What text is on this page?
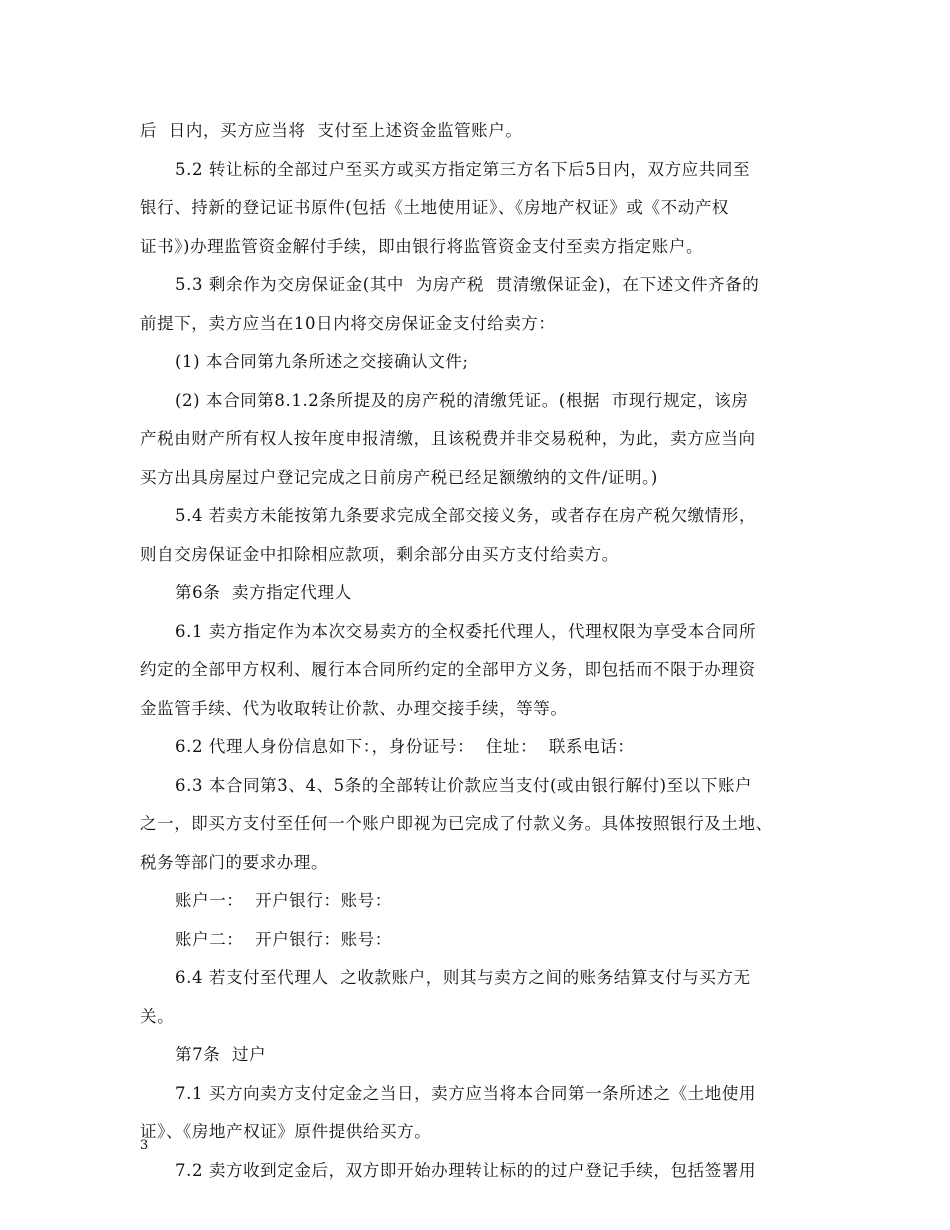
后  日内，买方应当将  支付至上述资金监管账户。
5.2 转让标的全部过户至买方或买方指定第三方名下后5日内，双方应共同至
银行、持新的登记证书原件(包括《土地使用证》、《房地产权证》或《不动产权
证书》)办理监管资金解付手续，即由银行将监管资金支付至卖方指定账户。
5.3 剩余作为交房保证金(其中  为房产税  贯清缴保证金)，在下述文件齐备的
前提下，卖方应当在10日内将交房保证金支付给卖方：
(1) 本合同第九条所述之交接确认文件;
(2) 本合同第8.1.2条所提及的房产税的清缴凭证。(根据  市现行规定，该房
产税由财产所有权人按年度申报清缴，且该税费并非交易税种，为此，卖方应当向
买方出具房屋过户登记完成之日前房产税已经足额缴纳的文件/证明。)
5.4 若卖方未能按第九条要求完成全部交接义务，或者存在房产税欠缴情形，
则自交房保证金中扣除相应款项，剩余部分由买方支付给卖方。
第6条  卖方指定代理人
6.1 卖方指定作为本次交易卖方的全权委托代理人，代理权限为享受本合同所
约定的全部甲方权利、履行本合同所约定的全部甲方义务，即包括而不限于办理资
金监管手续、代为收取转让价款、办理交接手续，等等。
6.2 代理人身份信息如下：，身份证号：  住址：  联系电话：
6.3 本合同第3、4、5条的全部转让价款应当支付(或由银行解付)至以下账户
之一，即买方支付至任何一个账户即视为已完成了付款义务。具体按照银行及土地、
税务等部门的要求办理。
账户一：  开户银行：账号：
账户二：  开户银行：账号：
6.4 若支付至代理人  之收款账户，则其与卖方之间的账务结算支付与买方无
关。
第7条  过户
7.1 买方向卖方支付定金之当日，卖方应当将本合同第一条所述之《土地使用
证》、《房地产权证》原件提供给买方。
7.2 卖方收到定金后，双方即开始办理转让标的的过户登记手续，包括签署用
3
